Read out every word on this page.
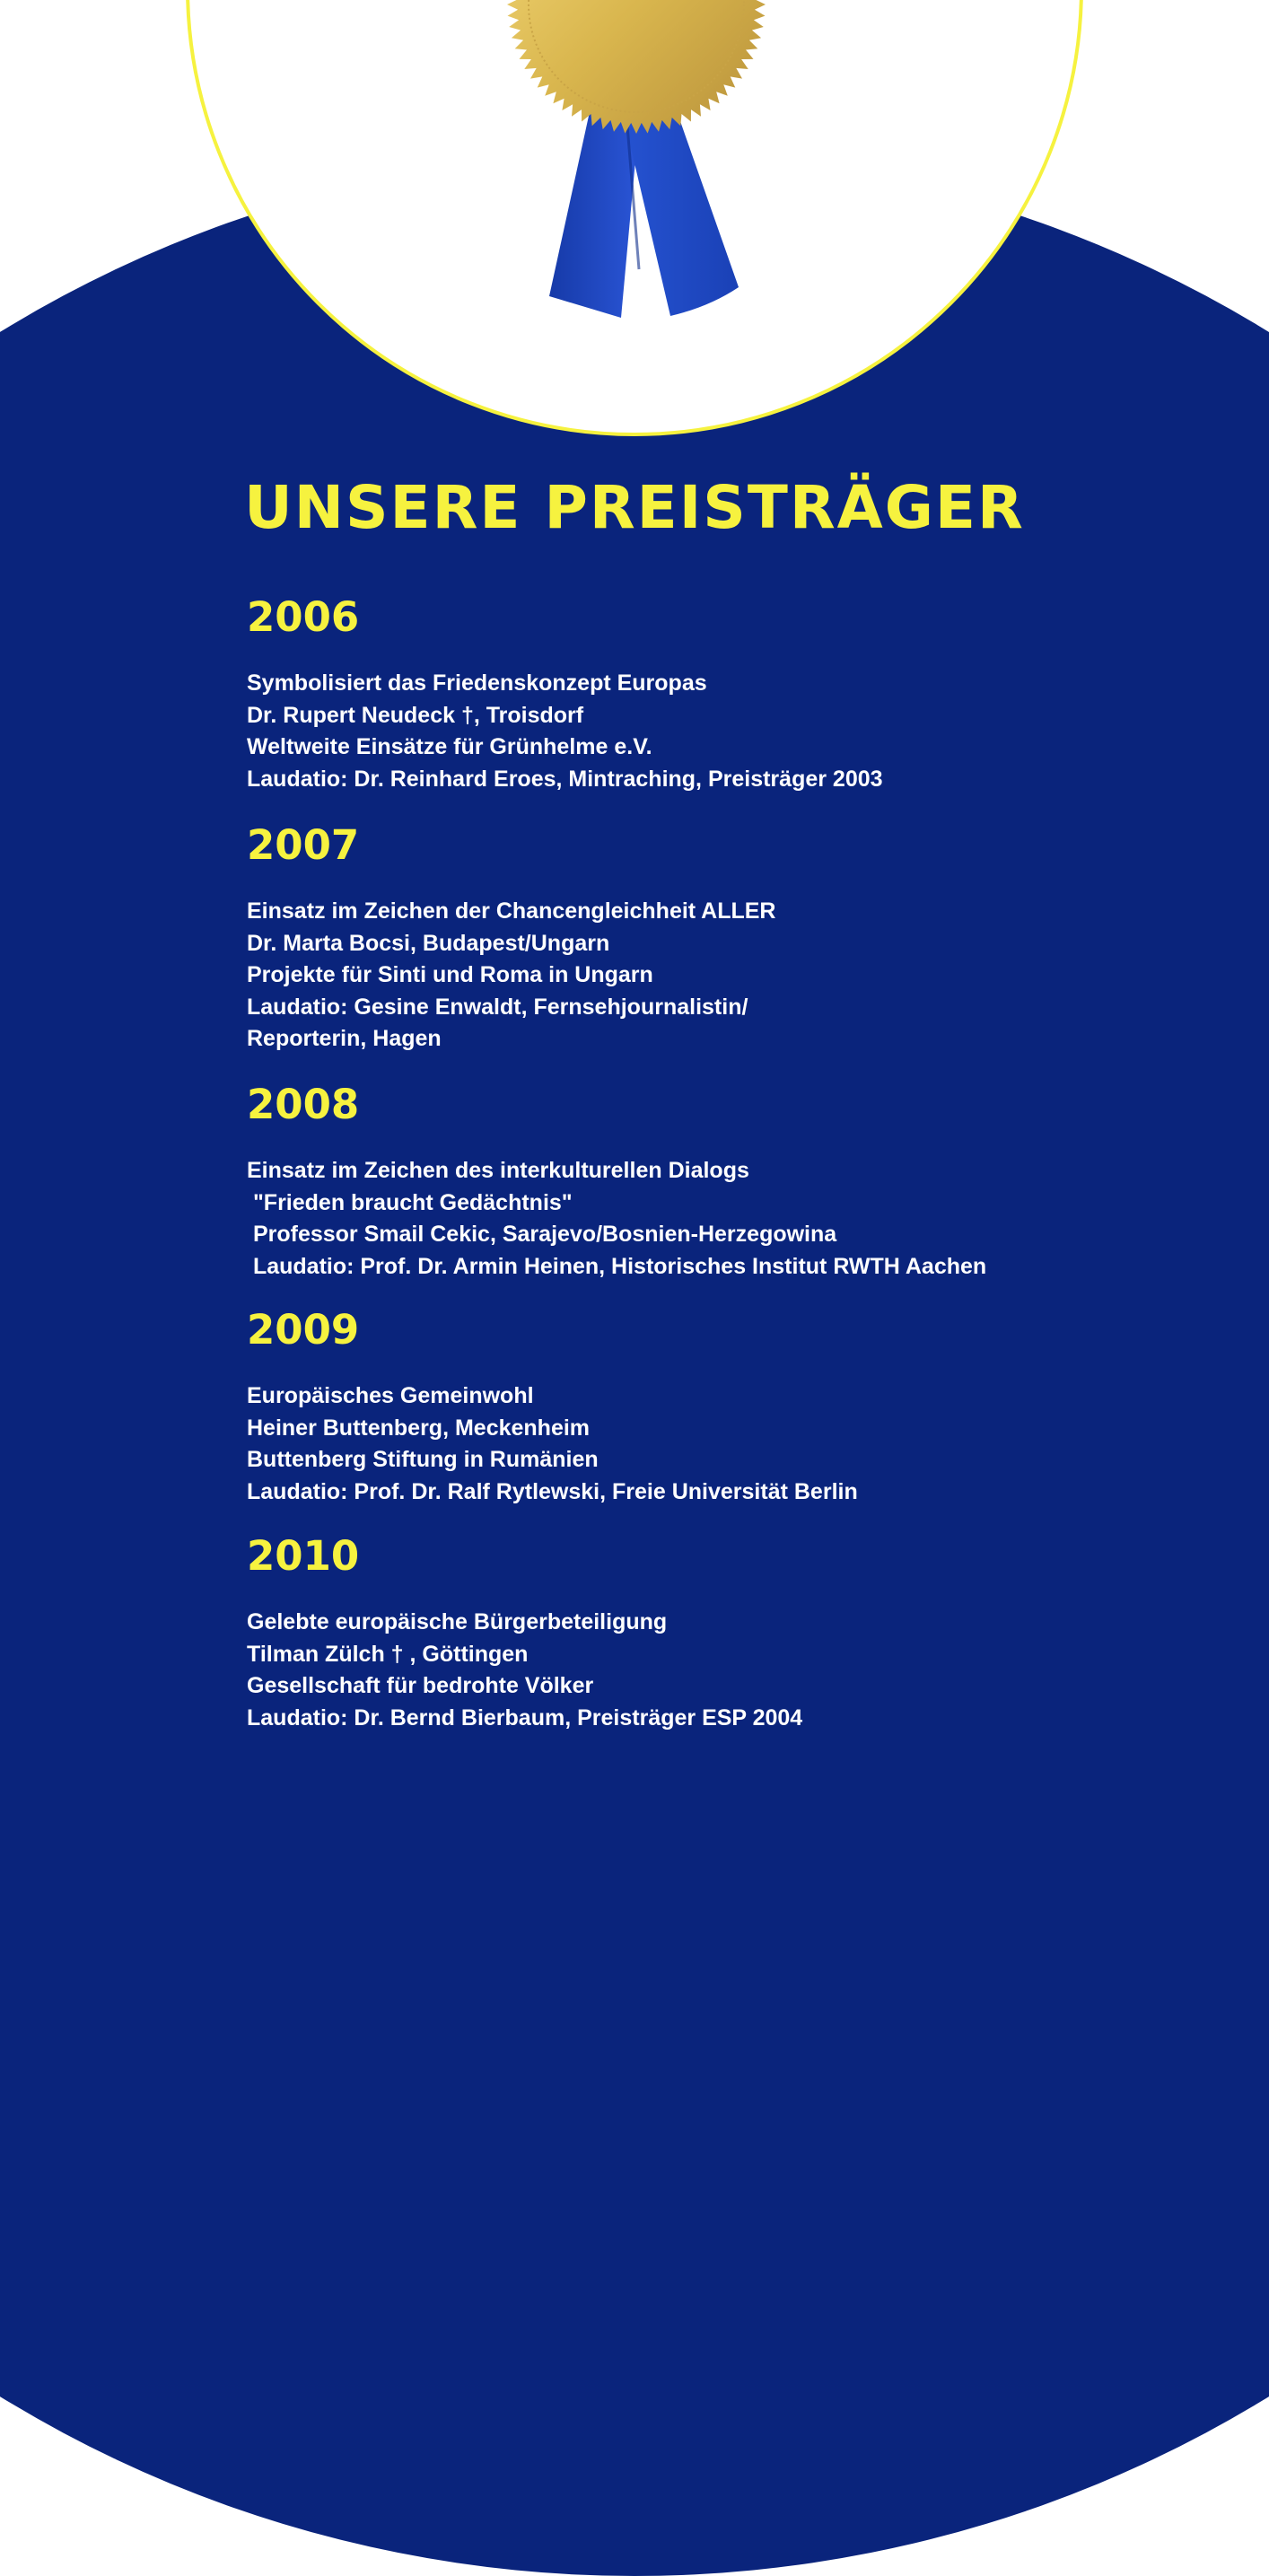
UNSERE PREISTRÄGER
2006
Symbolisiert das Friedenskonzept Europas
Dr. Rupert Neudeck †, Troisdorf
Weltweite Einsätze für Grünhelme e.V.
Laudatio: Dr. Reinhard Eroes, Mintraching, Preisträger 2003
2007
Einsatz im Zeichen der Chancengleichheit ALLER
Dr. Marta Bocsi, Budapest/Ungarn
Projekte für Sinti und Roma in Ungarn
Laudatio: Gesine Enwaldt, Fernsehjournalistin/
Reporterin, Hagen
2008
Einsatz im Zeichen des interkulturellen Dialogs
"Frieden braucht Gedächtnis"
Professor Smail Cekic, Sarajevo/Bosnien-Herzegowina
Laudatio: Prof. Dr. Armin Heinen, Historisches Institut RWTH Aachen
2009
Europäisches Gemeinwohl
Heiner Buttenberg, Meckenheim
Buttenberg Stiftung in Rumänien
Laudatio: Prof. Dr. Ralf Rytlewski, Freie Universität Berlin
2010
Gelebte europäische Bürgerbeteiligung
Tilman Zülch † , Göttingen
Gesellschaft für bedrohte Völker
Laudatio: Dr. Bernd Bierbaum, Preisträger ESP 2004
